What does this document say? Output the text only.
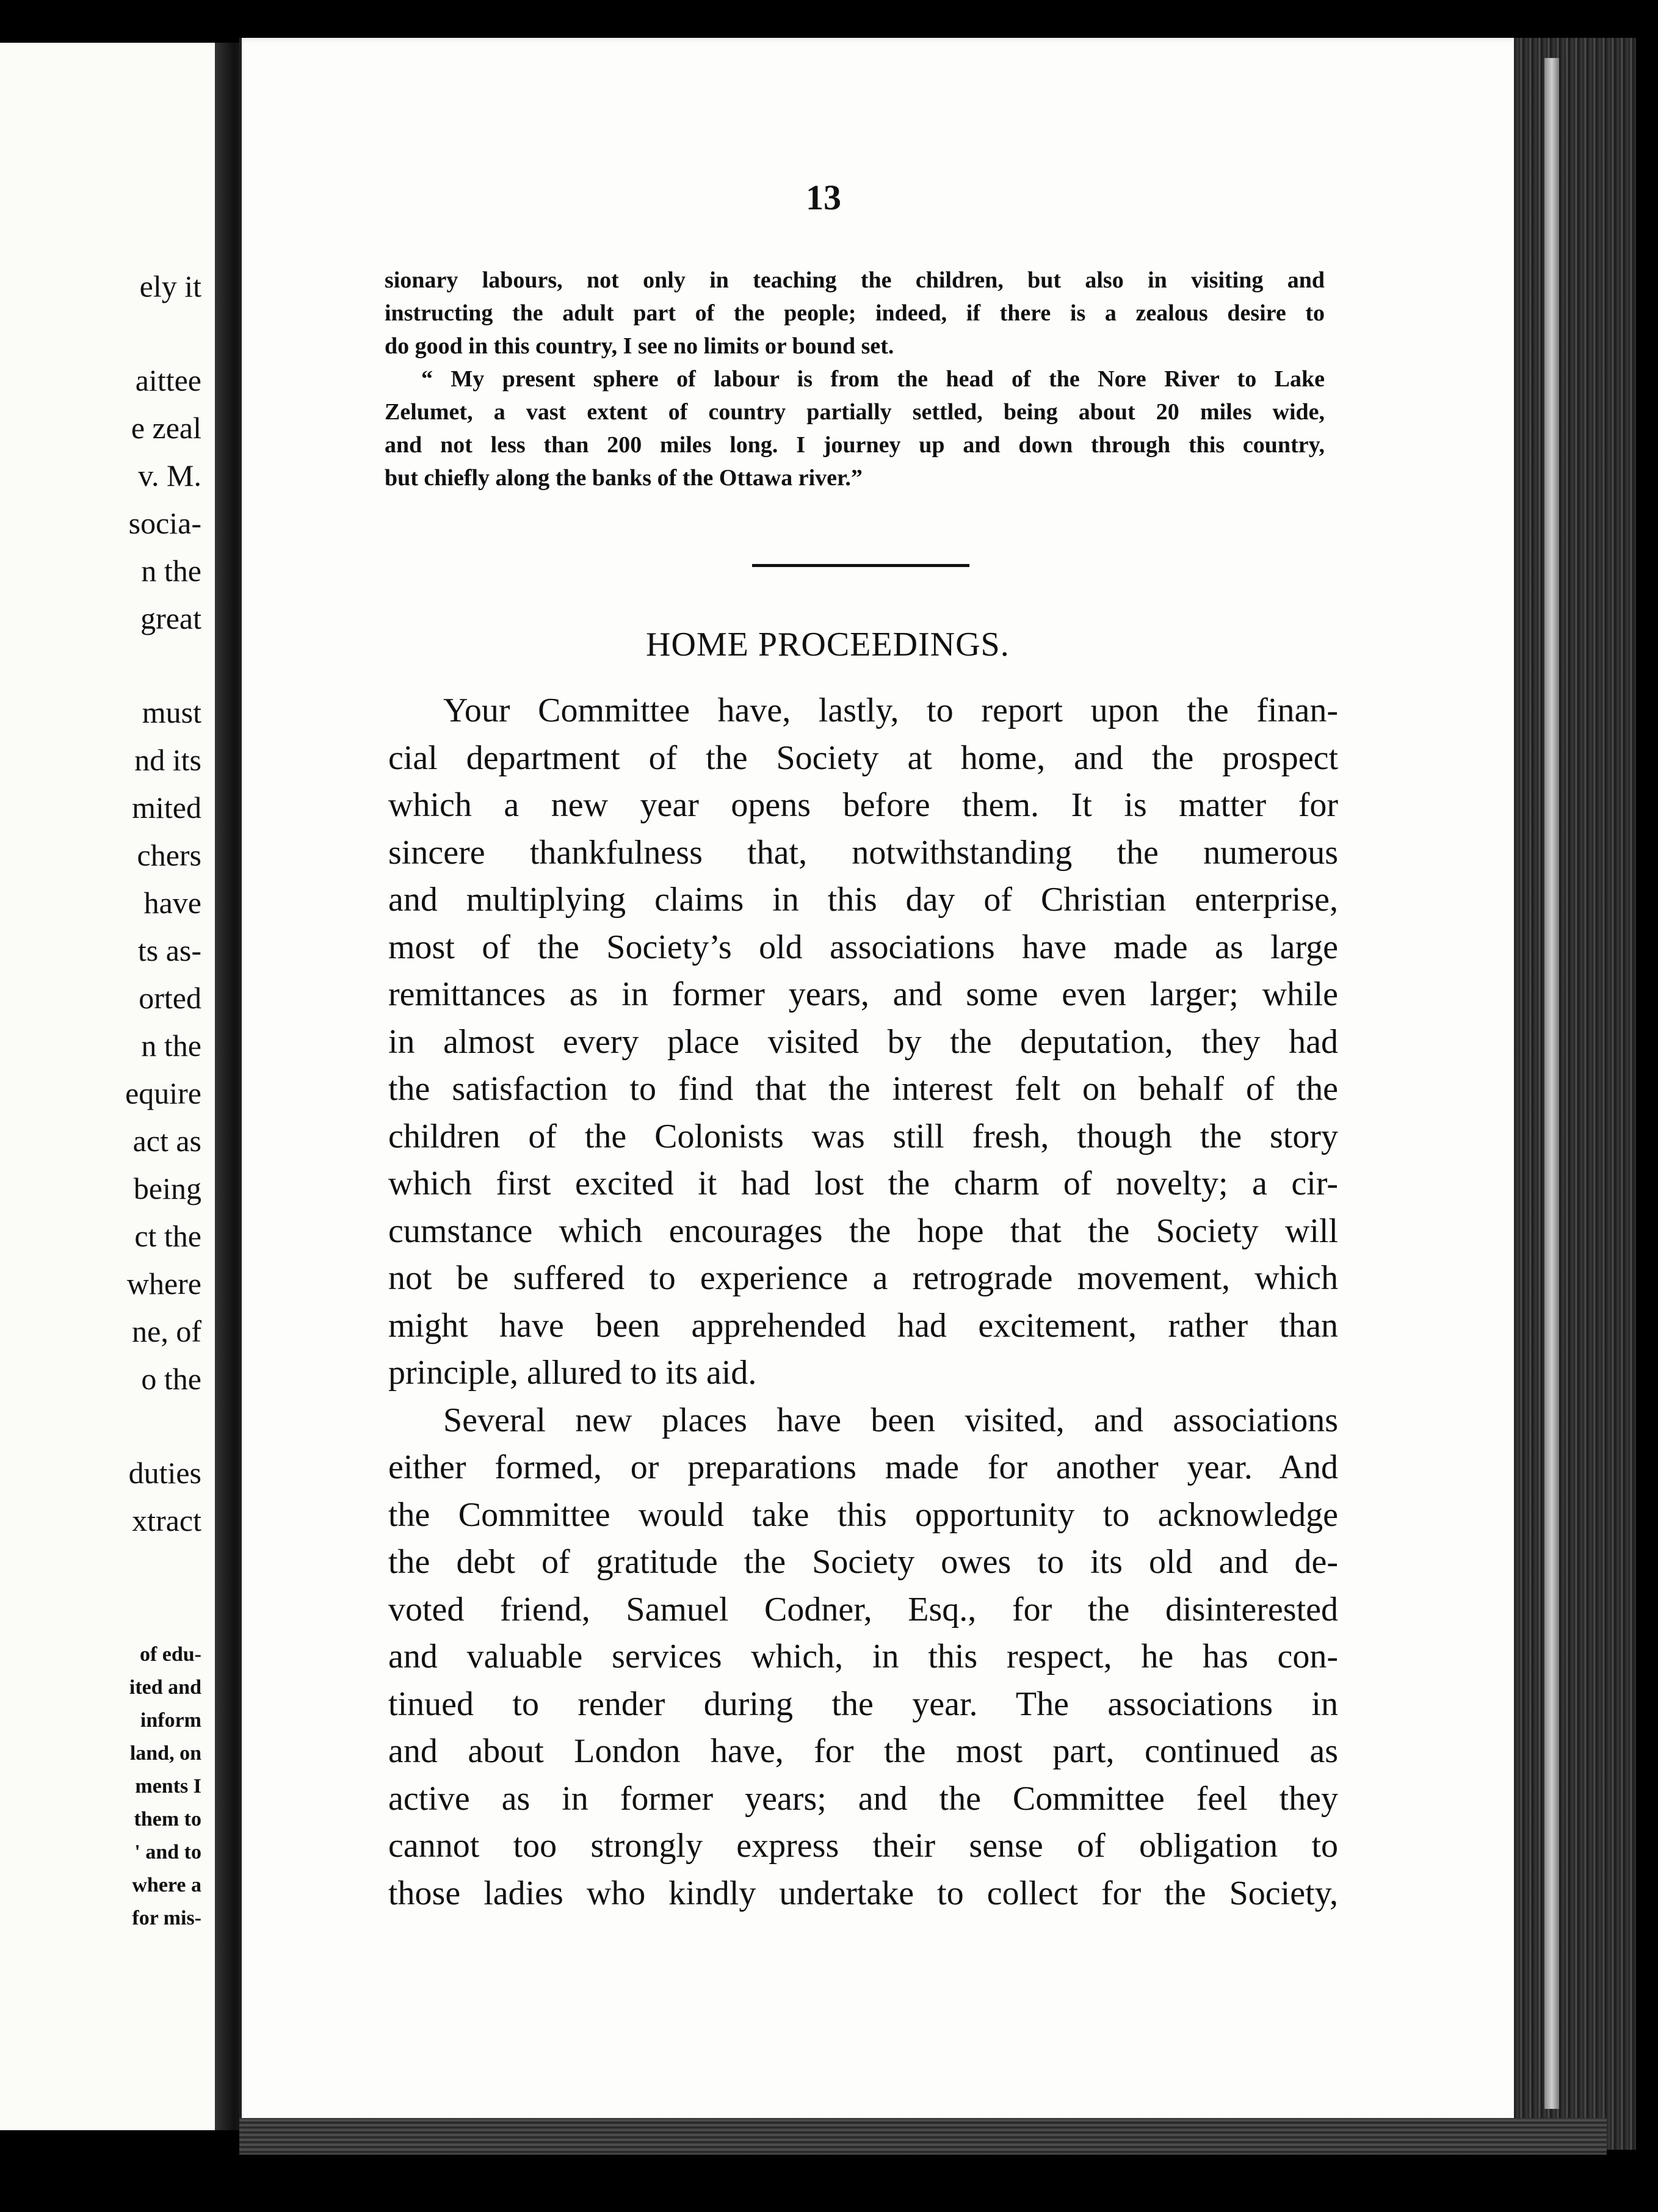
ely it
aittee
e zeal
v. M.
socia-
n the
great
must
nd its
mited
chers
have
ts as-
orted
n the
equire
act as
being
ct the
where
ne, of
o the
duties
xtract
of edu-
ited and
inform
land, on
ments I
them to
' and to
where a
for mis-
13

sionary labours, not only in teaching the children, but also in visiting and

instructing the adult part of the people; indeed, if there is a zealous desire to

do good in this country, I see no limits or bound set.

“ My present sphere of labour is from the head of the Nore River to Lake

Zelumet, a vast extent of country partially settled, being about 20 miles wide,

and not less than 200 miles long. I journey up and down through this country,

but chiefly along the banks of the Ottawa river.”

HOME PROCEEDINGS.
Your Committee have, lastly, to report upon the finan-
cial department of the Society at home, and the prospect
which a new year opens before them. It is matter for
sincere thankfulness that, notwithstanding the numerous
and multiplying claims in this day of Christian enterprise,
most of the Society’s old associations have made as large
remittances as in former years, and some even larger; while
in almost every place visited by the deputation, they had
the satisfaction to find that the interest felt on behalf of the
children of the Colonists was still fresh, though the story
which first excited it had lost the charm of novelty; a cir-
cumstance which encourages the hope that the Society will
not be suffered to experience a retrograde movement, which
might have been apprehended had excitement, rather than
principle, allured to its aid.
Several new places have been visited, and associations
either formed, or preparations made for another year. And
the Committee would take this opportunity to acknowledge
the debt of gratitude the Society owes to its old and de-
voted friend, Samuel Codner, Esq., for the disinterested
and valuable services which, in this respect, he has con-
tinued to render during the year. The associations in
and about London have, for the most part, continued as
active as in former years; and the Committee feel they
cannot too strongly express their sense of obligation to
those ladies who kindly undertake to collect for the Society,
